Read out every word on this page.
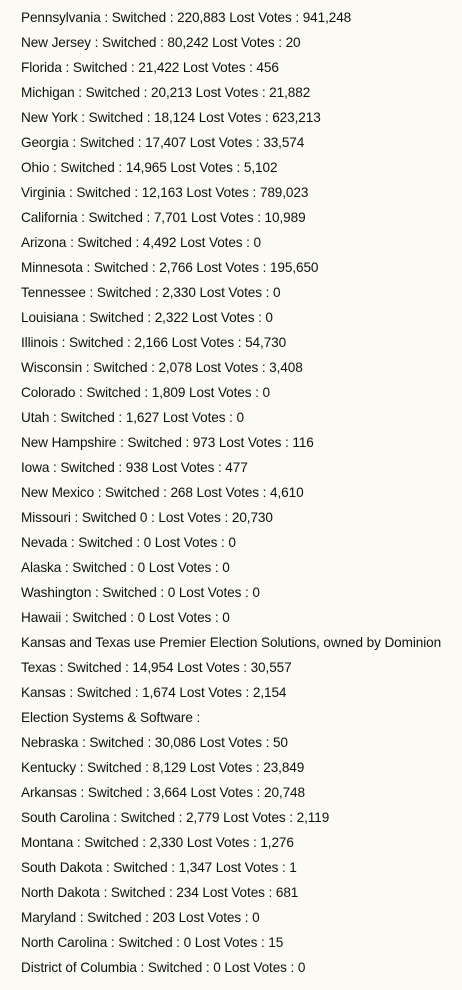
Pennsylvania : Switched : 220,883 Lost Votes : 941,248
New Jersey : Switched : 80,242 Lost Votes : 20
Florida : Switched : 21,422 Lost Votes : 456
Michigan : Switched : 20,213 Lost Votes : 21,882
New York : Switched : 18,124 Lost Votes : 623,213
Georgia : Switched : 17,407 Lost Votes : 33,574
Ohio : Switched : 14,965 Lost Votes : 5,102
Virginia : Switched : 12,163 Lost Votes : 789,023
California : Switched : 7,701 Lost Votes : 10,989
Arizona : Switched : 4,492 Lost Votes : 0
Minnesota : Switched : 2,766 Lost Votes : 195,650
Tennessee : Switched : 2,330 Lost Votes : 0
Louisiana : Switched : 2,322 Lost Votes : 0
Illinois : Switched : 2,166 Lost Votes : 54,730
Wisconsin : Switched : 2,078 Lost Votes : 3,408
Colorado : Switched : 1,809 Lost Votes : 0
Utah : Switched : 1,627 Lost Votes : 0
New Hampshire : Switched : 973 Lost Votes : 116
Iowa : Switched : 938 Lost Votes : 477
New Mexico : Switched : 268 Lost Votes : 4,610
Missouri : Switched 0 : Lost Votes : 20,730
Nevada : Switched : 0 Lost Votes : 0
Alaska : Switched : 0 Lost Votes : 0
Washington : Switched : 0 Lost Votes : 0
Hawaii : Switched : 0 Lost Votes : 0
Kansas and Texas use Premier Election Solutions, owned by Dominion
Texas : Switched : 14,954 Lost Votes : 30,557
Kansas : Switched : 1,674 Lost Votes : 2,154
Election Systems & Software :
Nebraska : Switched : 30,086 Lost Votes : 50
Kentucky : Switched : 8,129 Lost Votes : 23,849
Arkansas : Switched : 3,664 Lost Votes : 20,748
South Carolina : Switched : 2,779 Lost Votes : 2,119
Montana : Switched : 2,330 Lost Votes : 1,276
South Dakota : Switched : 1,347 Lost Votes : 1
North Dakota : Switched : 234 Lost Votes : 681
Maryland : Switched : 203 Lost Votes : 0
North Carolina : Switched : 0 Lost Votes : 15
District of Columbia : Switched : 0 Lost Votes : 0
